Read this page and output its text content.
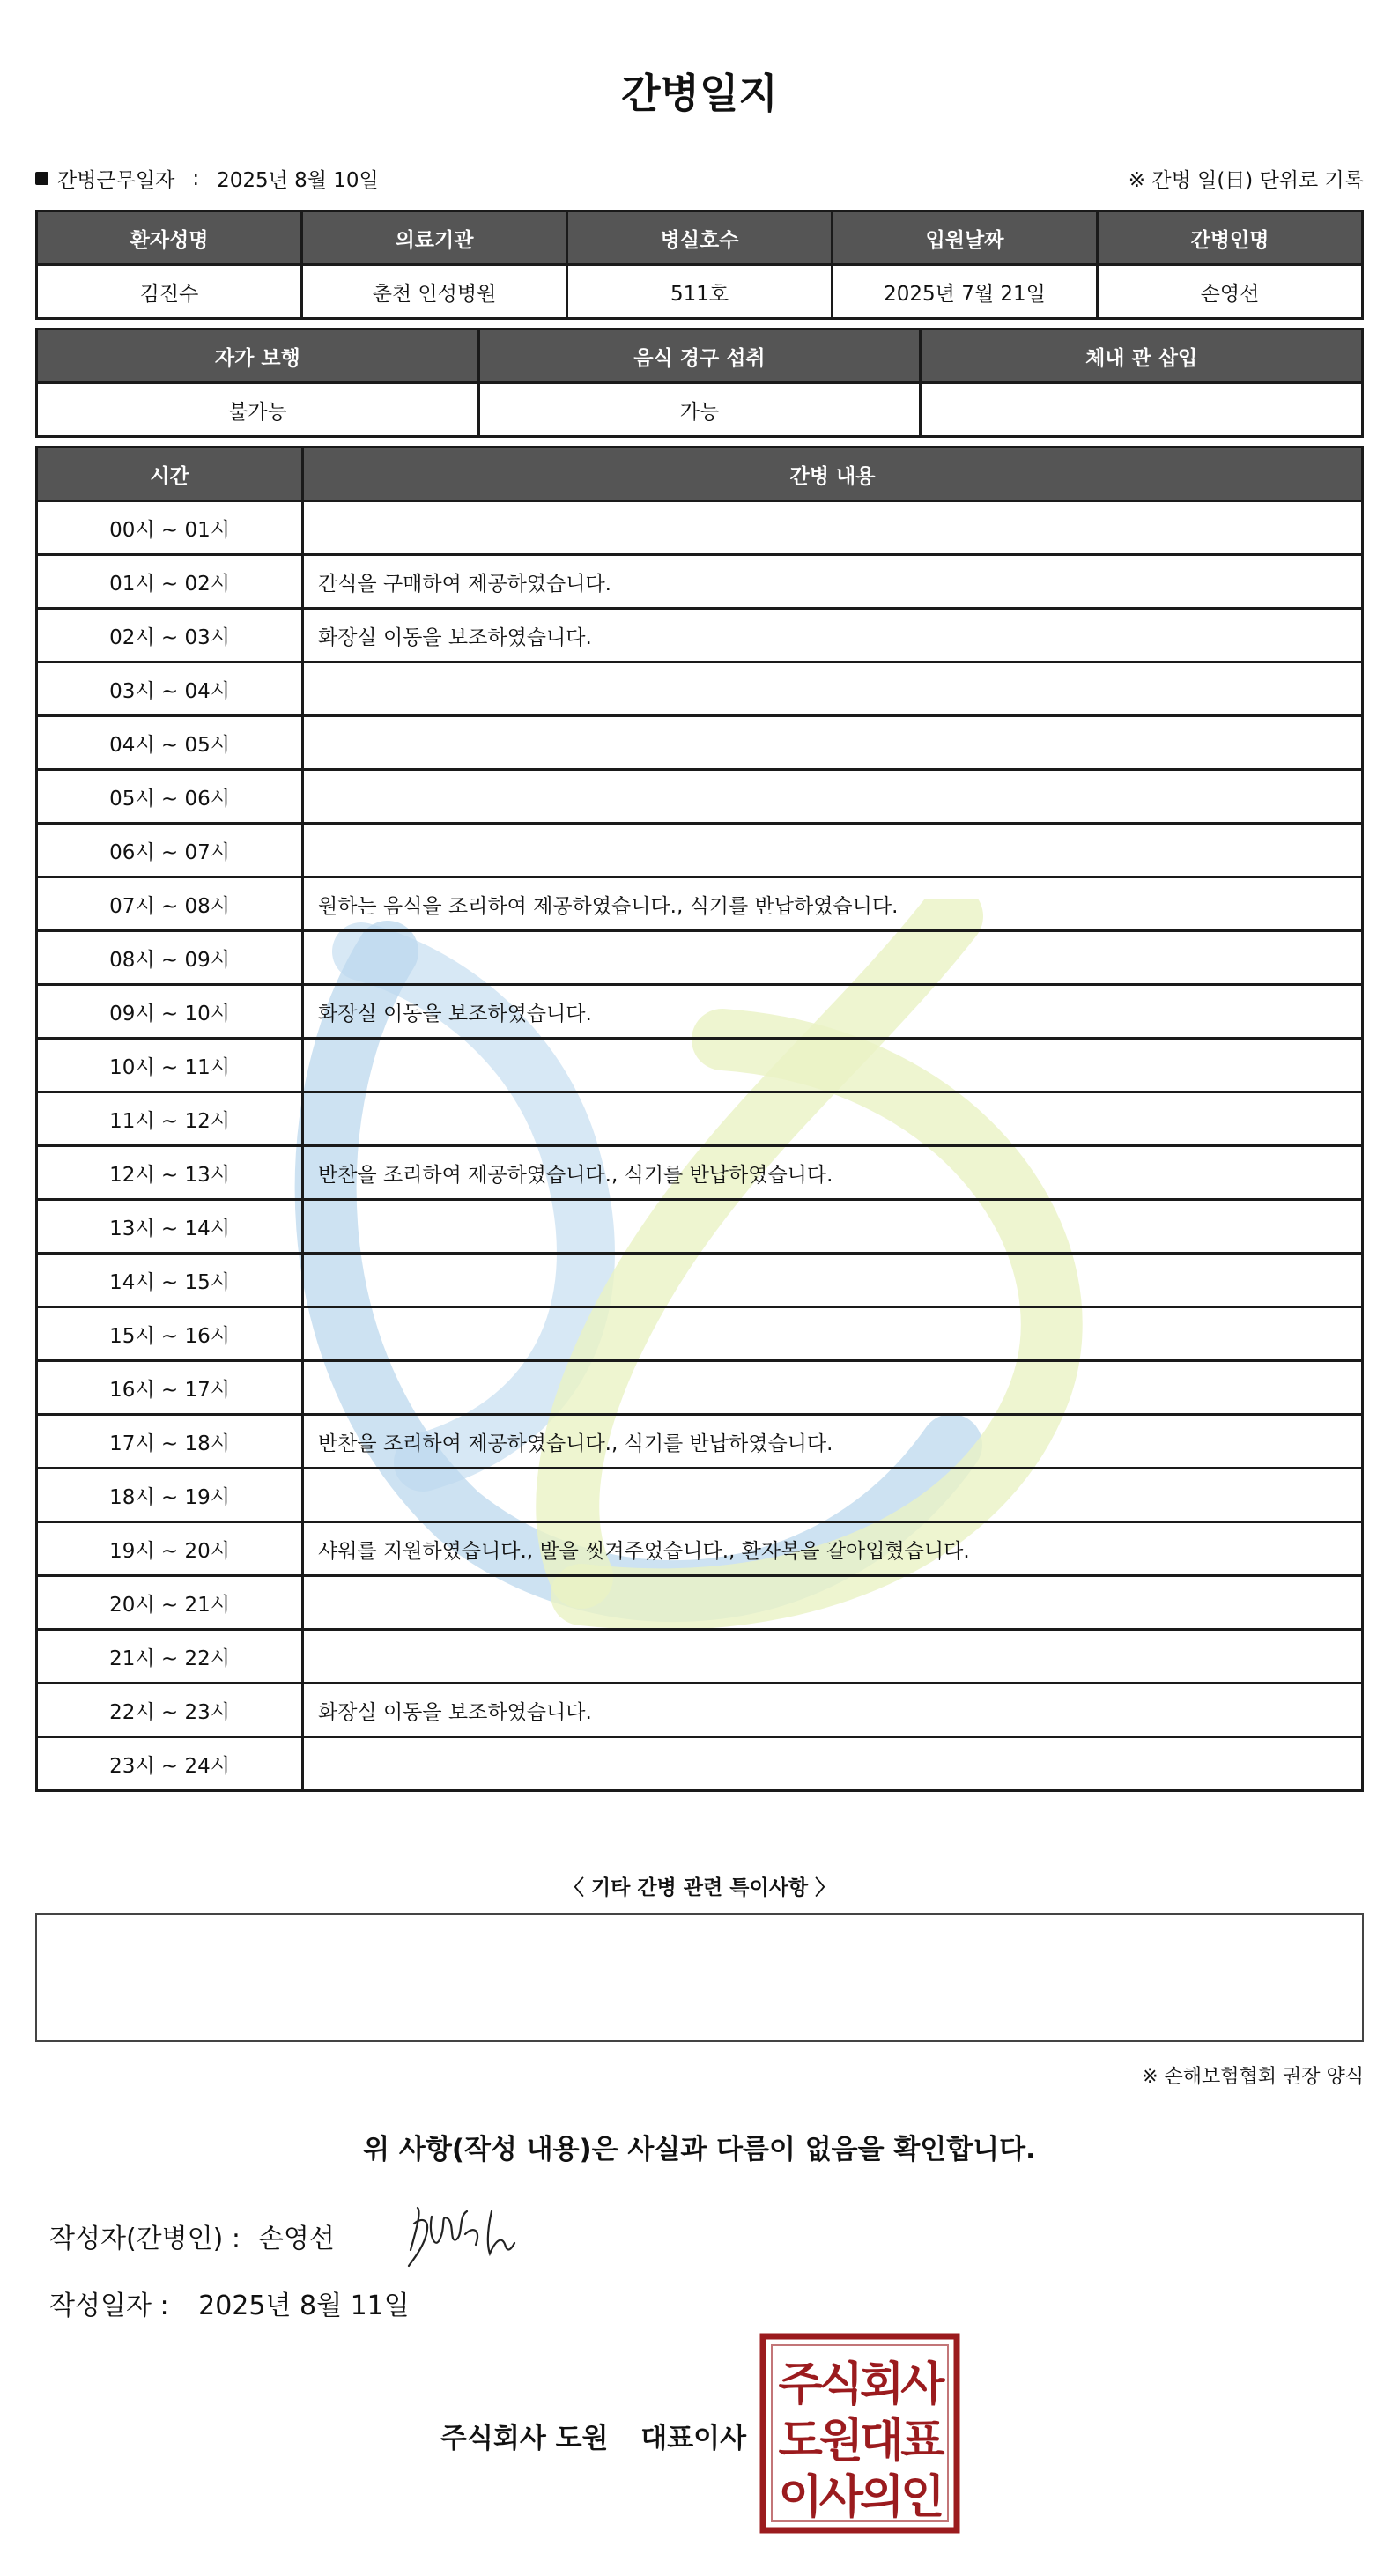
간병일지
간병근무일자 : 2025년 8월 10일	※ 간병 일(日) 단위로 기록
환자성명	의료기관	병실호수	입원날짜	간병인명
김진수	춘천 인성병원	511호	2025년 7월 21일	손영선
자가 보행	음식 경구 섭취	체내 관 삽입
불가능	가능	
시간	간병 내용
00시 ~ 01시	
01시 ~ 02시	간식을 구매하여 제공하였습니다.
02시 ~ 03시	화장실 이동을 보조하였습니다.
03시 ~ 04시	
04시 ~ 05시	
05시 ~ 06시	
06시 ~ 07시	
07시 ~ 08시	원하는 음식을 조리하여 제공하였습니다., 식기를 반납하였습니다.
08시 ~ 09시	
09시 ~ 10시	화장실 이동을 보조하였습니다.
10시 ~ 11시	
11시 ~ 12시	
12시 ~ 13시	반찬을 조리하여 제공하였습니다., 식기를 반납하였습니다.
13시 ~ 14시	
14시 ~ 15시	
15시 ~ 16시	
16시 ~ 17시	
17시 ~ 18시	반찬을 조리하여 제공하였습니다., 식기를 반납하였습니다.
18시 ~ 19시	
19시 ~ 20시	샤워를 지원하였습니다., 발을 씻겨주었습니다., 환자복을 갈아입혔습니다.
20시 ~ 21시	
21시 ~ 22시	
22시 ~ 23시	화장실 이동을 보조하였습니다.
23시 ~ 24시	
〈 기타 간병 관련 특이사항 〉
※ 손해보험협회 권장 양식
위 사항(작성 내용)은 사실과 다름이 없음을 확인합니다.
작성자(간병인) : 손영선
작성일자 : 2025년 8월 11일
주식회사 도원 대표이사
주식회사
도원대표
이사의인
